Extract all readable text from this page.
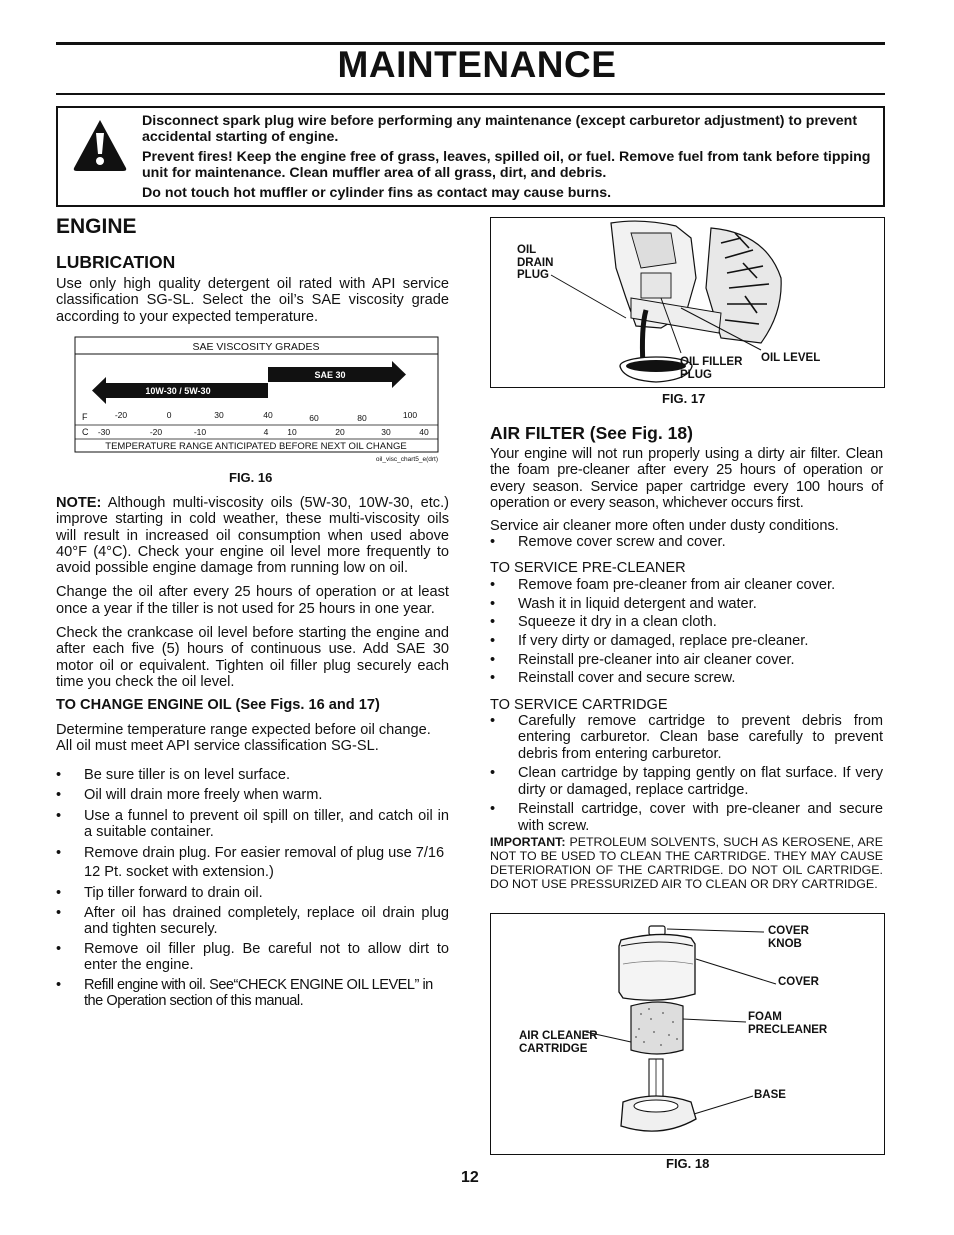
MAINTENANCE

Disconnect spark plug wire before performing any maintenance (except carburetor adjustment) to prevent accidental starting of engine.

Prevent fires! Keep the engine free of grass, leaves, spilled oil, or fuel. Remove fuel from tank before tipping unit for maintenance. Clean muffler area of all grass, dirt, and debris.

Do not touch hot muffler or cylinder fins as contact may cause burns.

ENGINE
LUBRICATION

Use only high quality detergent oil rated with API service classification SG-SL. Select the oil’s SAE viscosity grade according to your expected temperature.

SAE VISCOSITY GRADES
10W-30 / 5W-30
SAE 30
-20	0	30	40	60	80	100
-30	-20	-10	4 10	20	30	40
F
C
TEMPERATURE RANGE ANTICIPATED BEFORE NEXT OIL CHANGE
oil_visc_chart5_e(drt)
FIG. 16

NOTE: Although multi-viscosity oils (5W-30, 10W-30, etc.) improve starting in cold weather, these multi-viscosity oils will result in increased oil consumption when used above 40°F (4°C). Check your engine oil level more frequently to avoid possible engine damage from running low on oil.

Change the oil after every 25 hours of operation or at least once a year if the tiller is not used for 25 hours in one year.

Check the crankcase oil level before starting the engine and after each five (5) hours of continuous use. Add SAE 30 motor oil or equivalent. Tighten oil filler plug securely each time you check the oil level.

TO CHANGE ENGINE OIL (See Figs. 16 and 17)

Determine temperature range expected before oil change. All oil must meet API service classification SG-SL.

• Be sure tiller is on level surface.
• Oil will drain more freely when warm.
• Use a funnel to prevent oil spill on tiller, and catch oil in a suitable container.
• Remove drain plug. For easier removal of plug use 7/16 12 Pt. socket with extension.)
• Tip tiller forward to drain oil.
• After oil has drained completely, replace oil drain plug and tighten securely.
• Remove oil filler plug. Be careful not to allow dirt to enter the engine.
• Refill engine with oil. See“CHECK ENGINE OIL LEVEL” in the Operation section of this manual.
OIL
DRAIN
PLUG
OIL FILLER
PLUG
OIL LEVEL
FIG. 17
AIR FILTER (See Fig. 18)

Your engine will not run properly using a dirty air filter. Clean the foam pre-cleaner after every 25 hours of operation or every season. Service paper cartridge every 100 hours of operation or every season, whichever occurs first.

Service air cleaner more often under dusty conditions.

• Remove cover screw and cover.
TO SERVICE PRE-CLEANER
• Remove foam pre-cleaner from air cleaner cover.
• Wash it in liquid detergent and water.
• Squeeze it dry in a clean cloth.
• If very dirty or damaged, replace pre-cleaner.
• Reinstall pre-cleaner into air cleaner cover.
• Reinstall cover and secure screw.
TO SERVICE CARTRIDGE
• Carefully remove cartridge to prevent debris from entering carburetor. Clean base carefully to prevent debris from entering carburetor.
• Clean cartridge by tapping gently on flat surface. If very dirty or damaged, replace cartridge.
• Reinstall cartridge, cover with pre-cleaner and secure with screw.
IMPORTANT: PETROLEUM SOLVENTS, SUCH AS KEROSENE, ARE NOT TO BE USED TO CLEAN THE CARTRIDGE. THEY MAY CAUSE DETERIORATION OF THE CARTRIDGE. DO NOT OIL CARTRIDGE. DO NOT USE PRESSURIZED AIR TO CLEAN OR DRY CARTRIDGE.
COVER
KNOB
COVER
FOAM
PRECLEANER
AIR CLEANER
CARTRIDGE
BASE
FIG. 18
12
